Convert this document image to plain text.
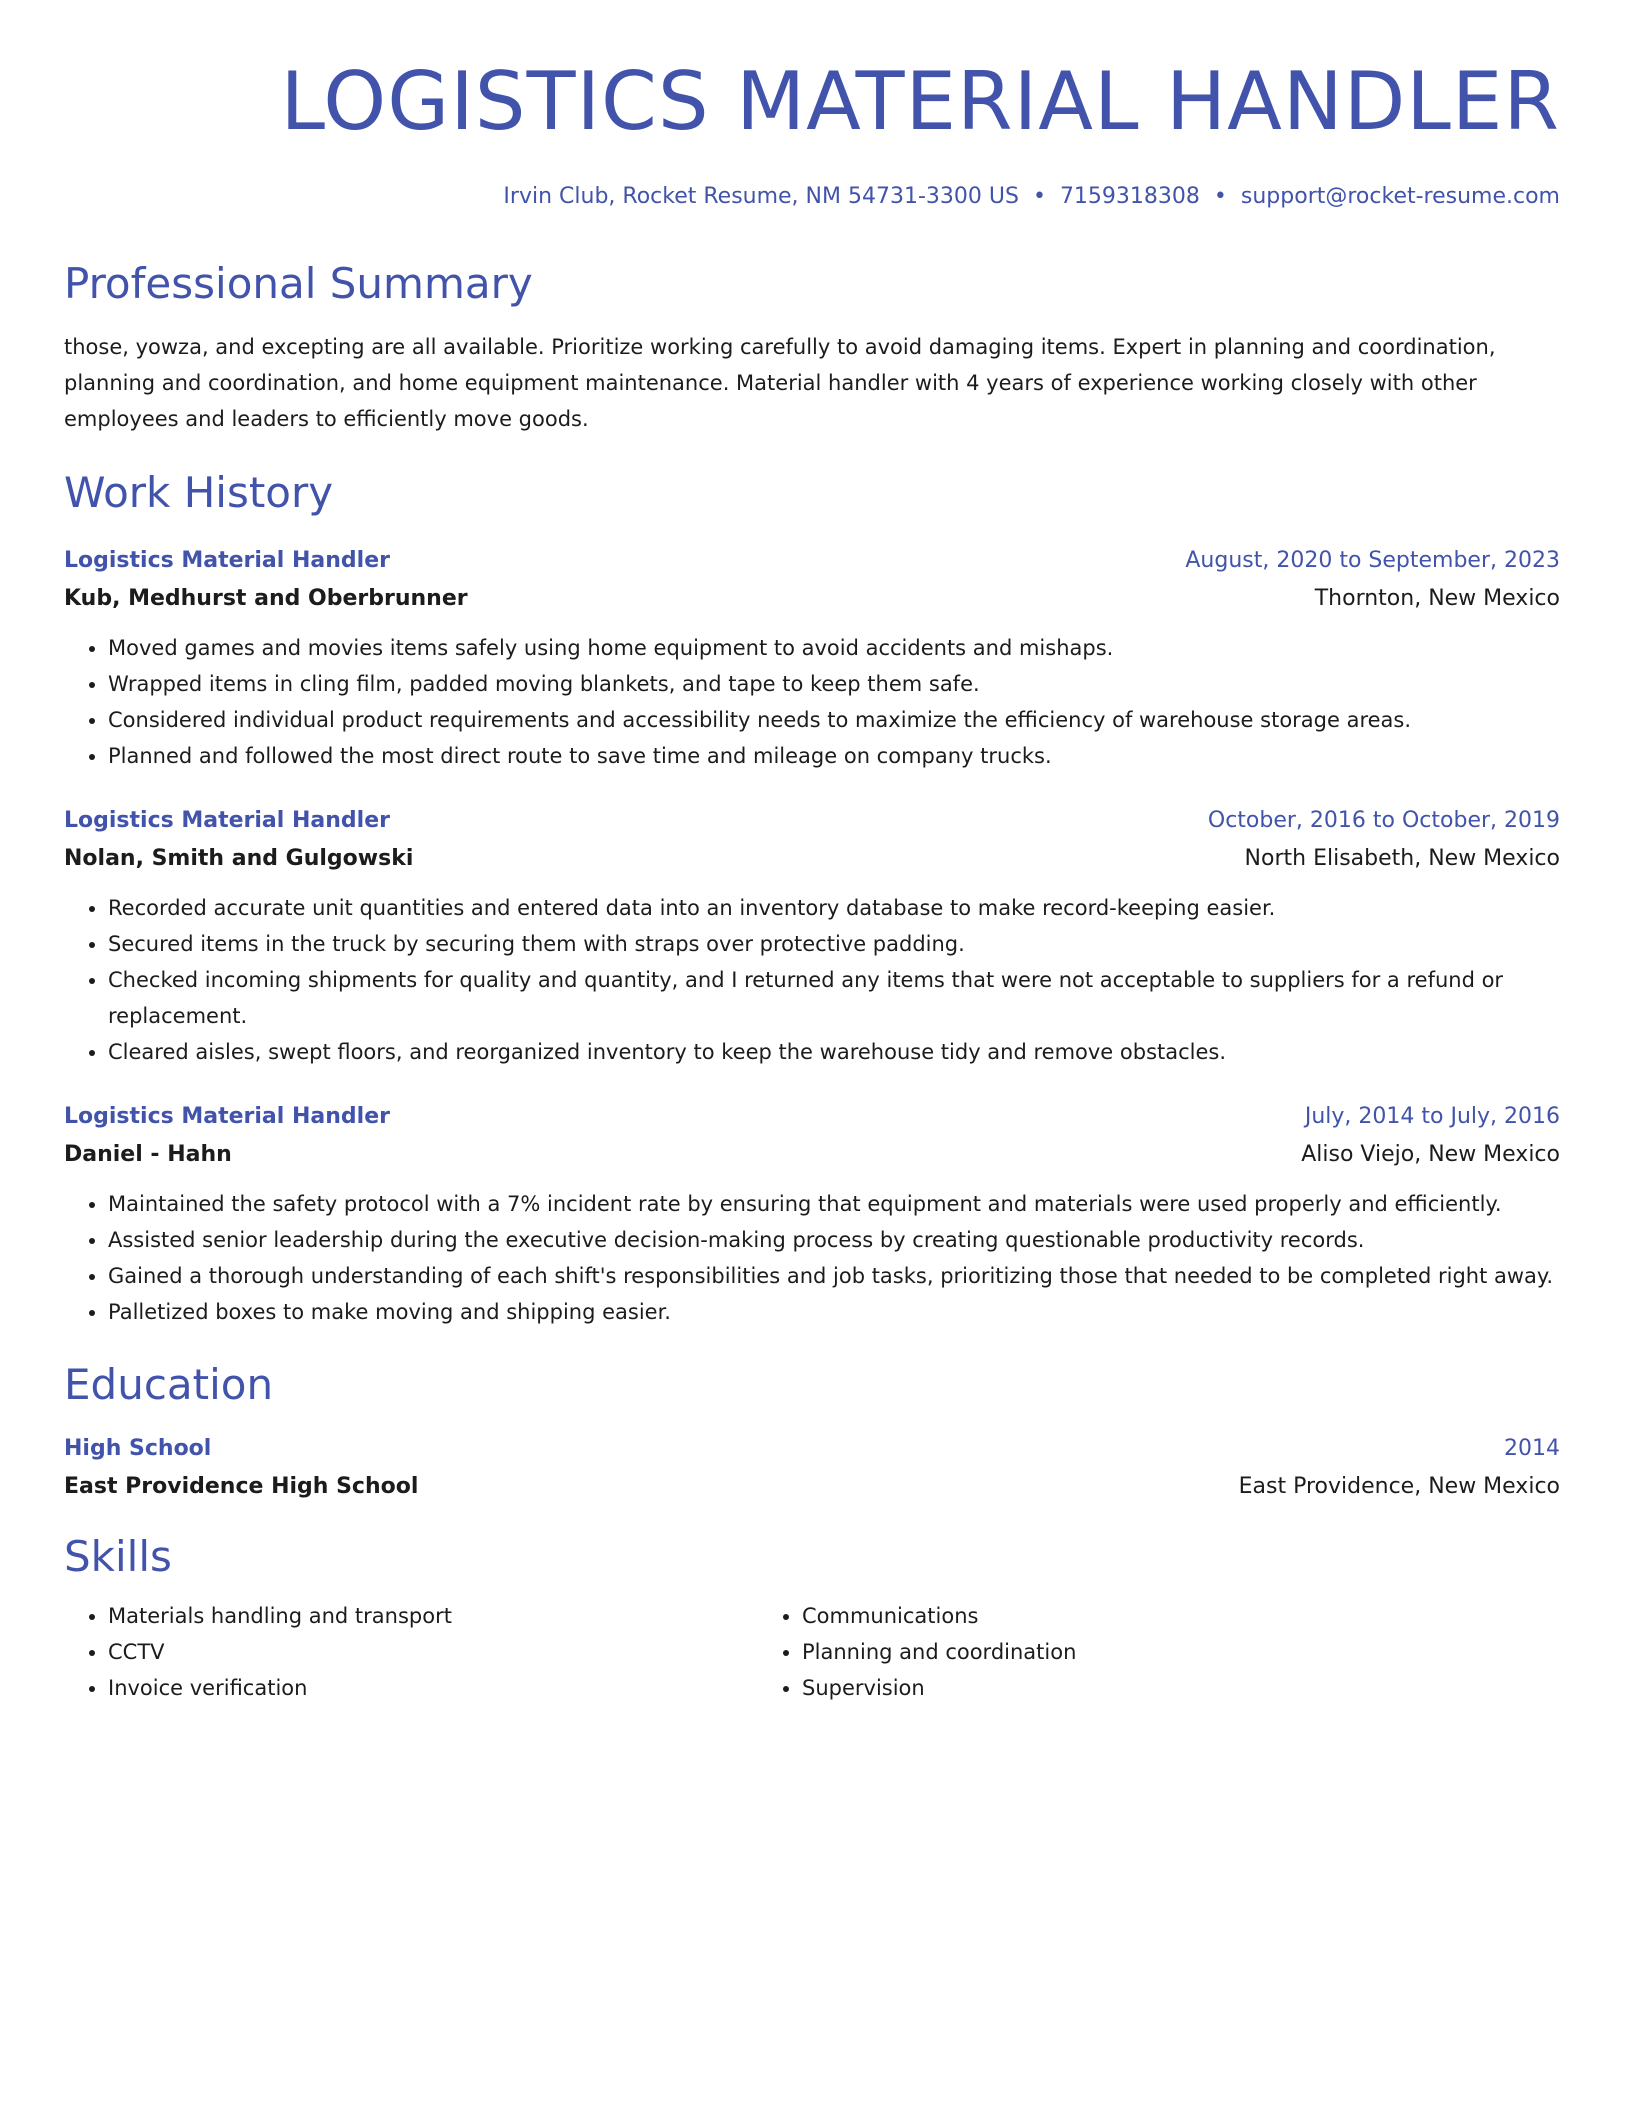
LOGISTICS MATERIAL HANDLER
Irvin Club, Rocket Resume, NM 54731-3300 US • 7159318308 • support@rocket-resume.com
Professional Summary
those, yowza, and excepting are all available. Prioritize working carefully to avoid damaging items. Expert in planning and coordination, planning and coordination, and home equipment maintenance. Material handler with 4 years of experience working closely with other employees and leaders to efficiently move goods.
Work History
Logistics Material Handler	August, 2020 to September, 2023
Kub, Medhurst and Oberbrunner	Thornton, New Mexico
• Moved games and movies items safely using home equipment to avoid accidents and mishaps.
• Wrapped items in cling film, padded moving blankets, and tape to keep them safe.
• Considered individual product requirements and accessibility needs to maximize the efficiency of warehouse storage areas.
• Planned and followed the most direct route to save time and mileage on company trucks.
Logistics Material Handler	October, 2016 to October, 2019
Nolan, Smith and Gulgowski	North Elisabeth, New Mexico
• Recorded accurate unit quantities and entered data into an inventory database to make record-keeping easier.
• Secured items in the truck by securing them with straps over protective padding.
• Checked incoming shipments for quality and quantity, and I returned any items that were not acceptable to suppliers for a refund or replacement.
• Cleared aisles, swept floors, and reorganized inventory to keep the warehouse tidy and remove obstacles.
Logistics Material Handler	July, 2014 to July, 2016
Daniel - Hahn	Aliso Viejo, New Mexico
• Maintained the safety protocol with a 7% incident rate by ensuring that equipment and materials were used properly and efficiently.
• Assisted senior leadership during the executive decision-making process by creating questionable productivity records.
• Gained a thorough understanding of each shift's responsibilities and job tasks, prioritizing those that needed to be completed right away.
• Palletized boxes to make moving and shipping easier.
Education
High School	2014
East Providence High School	East Providence, New Mexico
Skills
• Materials handling and transport
• CCTV
• Invoice verification
• Communications
• Planning and coordination
• Supervision
